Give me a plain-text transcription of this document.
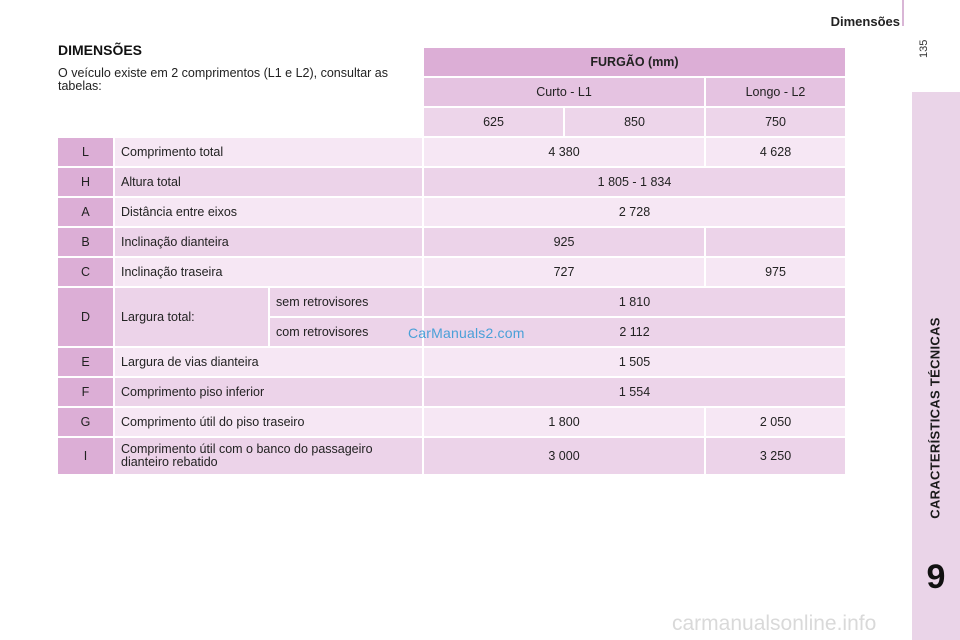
Dimensões
135
CARACTERÍSTICAS TÉCNICAS
9
			FURGÃO (mm)		
			Curto - L1		Longo - L2
			625	850	750
L	Comprimento total		4 380		4 628
H	Altura total		1 805 - 1 834		
A	Distância entre eixos		2 728		
B	Inclinação dianteira		925		
C	Inclinação traseira		727		975
D	Largura total:	sem retrovisores	1 810		
		com retrovisores	2 112		
E	Largura de vias dianteira		1 505		
F	Comprimento piso inferior		1 554		
G	Comprimento útil do piso traseiro		1 800		2 050
I	Comprimento útil com o banco do passageiro dianteiro rebatido		3 000		3 250
DIMENSÕES
O veículo existe em 2 comprimentos (L1 e L2), consultar as tabelas:
CarManuals2.com
carmanualsonline.info
